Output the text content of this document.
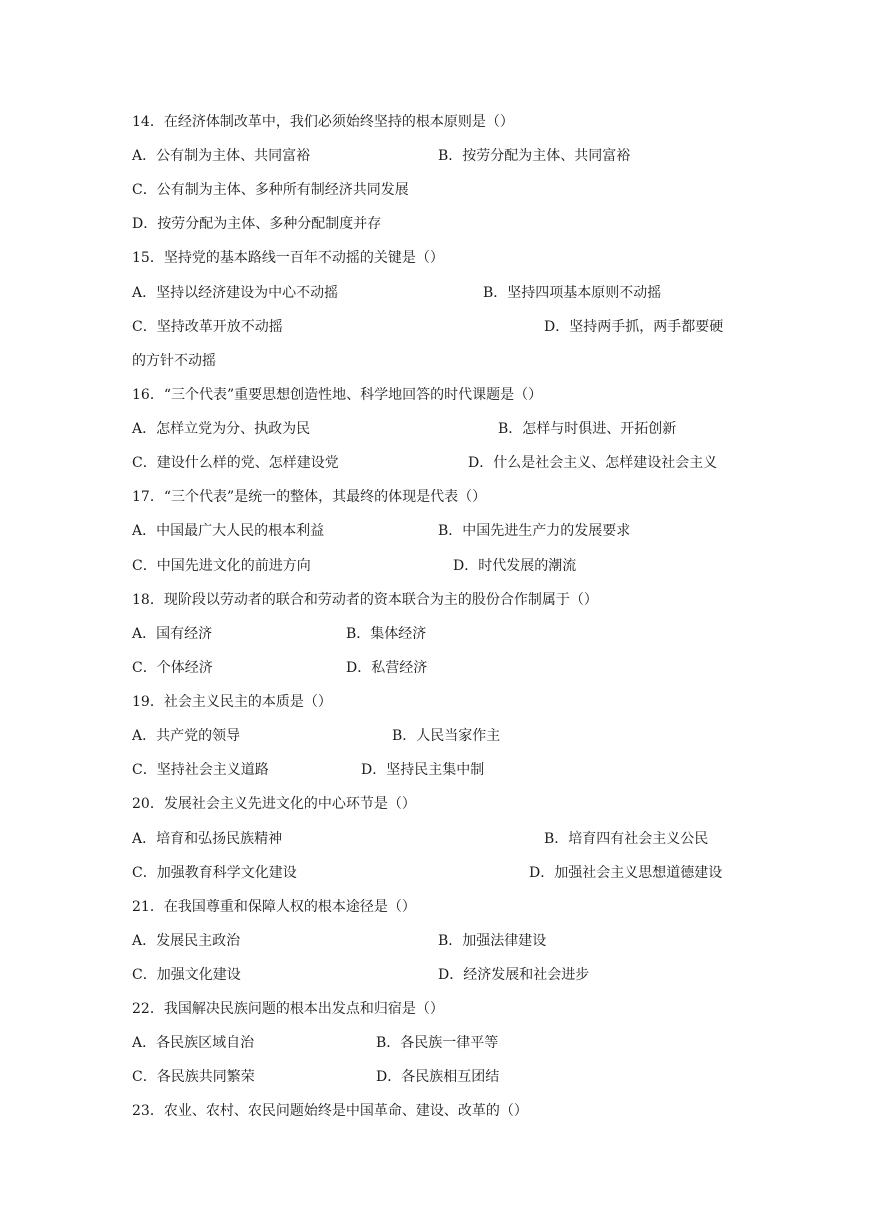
14．在经济体制改革中，我们必须始终坚持的根本原则是（）
A．公有制为主体、共同富裕	B．按劳分配为主体、共同富裕
C．公有制为主体、多种所有制经济共同发展
D．按劳分配为主体、多种分配制度并存
15．坚持党的基本路线一百年不动摇的关键是（）
A．坚持以经济建设为中心不动摇	B．坚持四项基本原则不动摇
C．坚持改革开放不动摇	D．坚持两手抓，两手都要硬
的方针不动摇
16．“三个代表”重要思想创造性地、科学地回答的时代课题是（）
A．怎样立党为分、执政为民	B．怎样与时俱进、开拓创新
C．建设什么样的党、怎样建设党	D．什么是社会主义、怎样建设社会主义
17．“三个代表”是统一的整体，其最终的体现是代表（）
A．中国最广大人民的根本利益	B．中国先进生产力的发展要求
C．中国先进文化的前进方向	D．时代发展的潮流
18．现阶段以劳动者的联合和劳动者的资本联合为主的股份合作制属于（）
A．国有经济	B．集体经济
C．个体经济	D．私营经济
19．社会主义民主的本质是（）
A．共产党的领导	B．人民当家作主
C．坚持社会主义道路	D．坚持民主集中制
20．发展社会主义先进文化的中心环节是（）
A．培育和弘扬民族精神	B．培育四有社会主义公民
C．加强教育科学文化建设	D．加强社会主义思想道德建设
21．在我国尊重和保障人权的根本途径是（）
A．发展民主政治	B．加强法律建设
C．加强文化建设	D．经济发展和社会进步
22．我国解决民族问题的根本出发点和归宿是（）
A．各民族区域自治	B．各民族一律平等
C．各民族共同繁荣	D．各民族相互团结
23．农业、农村、农民问题始终是中国革命、建设、改革的（）
